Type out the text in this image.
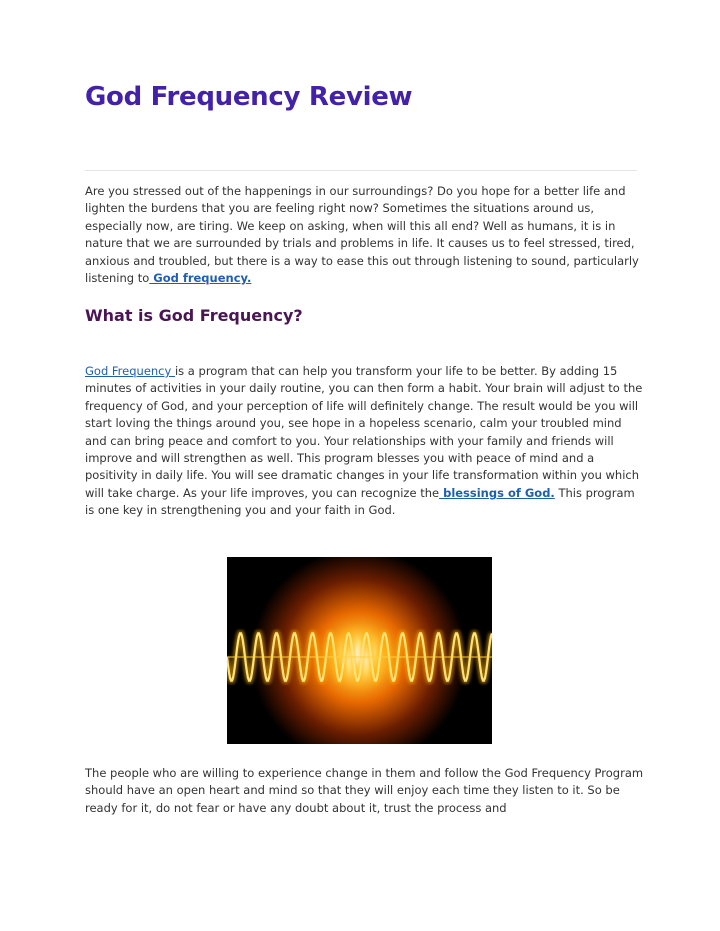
God Frequency Review

Are you stressed out of the happenings in our surroundings? Do you hope for a better life and lighten the burdens that you are feeling right now? Sometimes the situations around us, especially now, are tiring. We keep on asking, when will this all end? Well as humans, it is in nature that we are surrounded by trials and problems in life. It causes us to feel stressed, tired, anxious and troubled, but there is a way to ease this out through listening to sound, particularly listening to God frequency.

What is God Frequency?

God Frequency is a program that can help you transform your life to be better. By adding 15 minutes of activities in your daily routine, you can then form a habit. Your brain will adjust to the frequency of God, and your perception of life will definitely change. The result would be you will start loving the things around you, see hope in a hopeless scenario, calm your troubled mind and can bring peace and comfort to you. Your relationships with your family and friends will improve and will strengthen as well. This program blesses you with peace of mind and a positivity in daily life. You will see dramatic changes in your life transformation within you which will take charge. As your life improves, you can recognize the blessings of God. This program is one key in strengthening you and your faith in God.

The people who are willing to experience change in them and follow the God Frequency Program should have an open heart and mind so that they will enjoy each time they listen to it. So be ready for it, do not fear or have any doubt about it, trust the process and
